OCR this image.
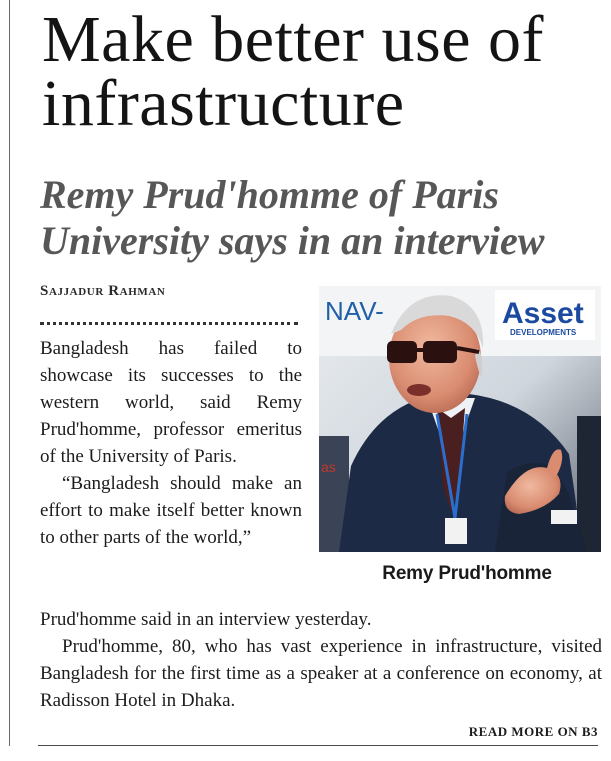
Make better use of infrastructure
Remy Prud'homme of Paris University says in an interview
Sajjadur Rahman

Bangladesh has failed to showcase its successes to the western world, said Remy Prud'homme, professor emeritus of the University of Paris.

“Bangladesh should make an effort to make itself better known to other parts of the world,”

NAV-	Asset
DEVELOPMENTS
as
Remy Prud'homme

Prud'homme said in an interview yesterday.

Prud'homme, 80, who has vast experience in infrastructure, visited Bangladesh for the first time as a speaker at a conference on economy, at Radisson Hotel in Dhaka.

READ MORE ON B3
